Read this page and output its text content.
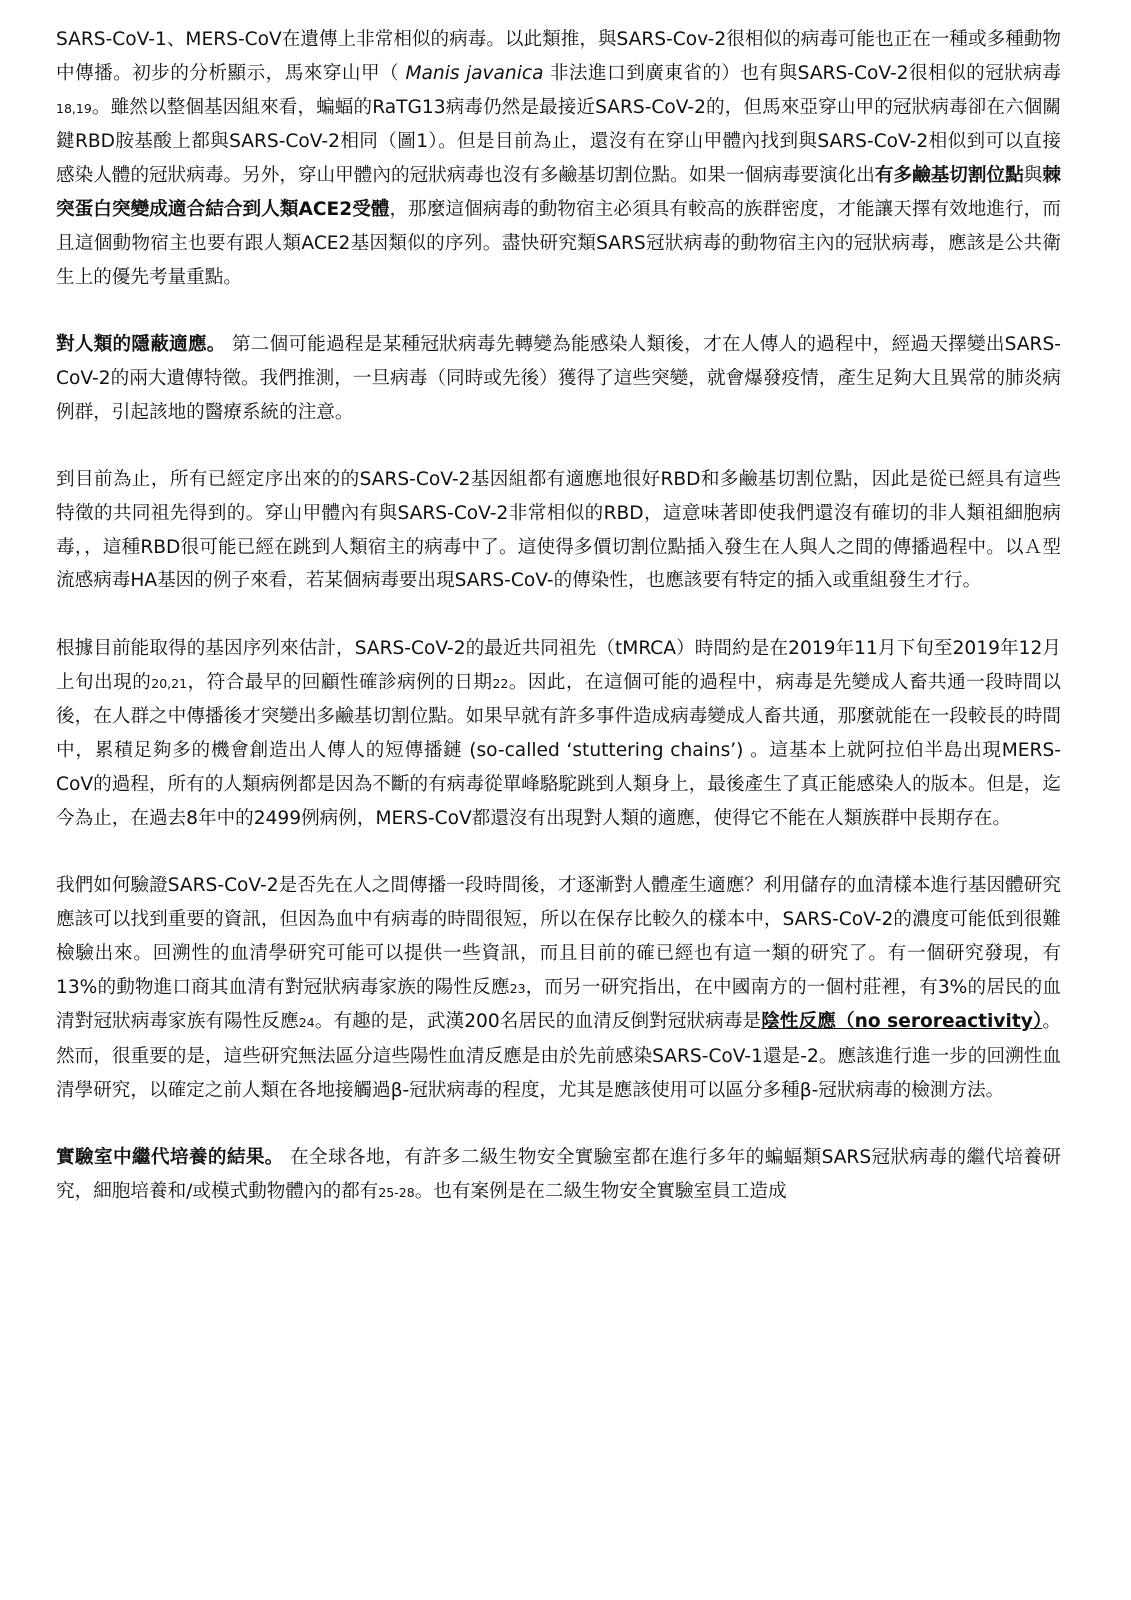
SARS-CoV-1、MERS-CoV在遺傳上非常相似的病毒。以此類推，與SARS-Cov-2很相似的病毒可能也正在一種或多種動物中傳播。初步的分析顯示，馬來穿山甲（ Manis javanica 非法進口到廣東省的）也有與SARS-CoV-2很相似的冠狀病毒18,19。雖然以整個基因組來看，蝙蝠的RaTG13病毒仍然是最接近SARS-CoV-2的，但馬來亞穿山甲的冠狀病毒卻在六個關鍵RBD胺基酸上都與SARS-CoV-2相同（圖1）。但是目前為止，還沒有在穿山甲體內找到與SARS-CoV-2相似到可以直接感染人體的冠狀病毒。另外，穿山甲體內的冠狀病毒也沒有多鹼基切割位點。如果一個病毒要演化出有多鹼基切割位點與棘突蛋白突變成適合結合到人類ACE2受體，那麼這個病毒的動物宿主必須具有較高的族群密度，才能讓天擇有效地進行，而且這個動物宿主也要有跟人類ACE2基因類似的序列。盡快研究類SARS冠狀病毒的動物宿主內的冠狀病毒，應該是公共衛生上的優先考量重點。

對人類的隱蔽適應。 第二個可能過程是某種冠狀病毒先轉變為能感染人類後，才在人傳人的過程中，經過天擇變出SARS-CoV-2的兩大遺傳特徵。我們推測，一旦病毒（同時或先後）獲得了這些突變，就會爆發疫情，產生足夠大且異常的肺炎病例群，引起該地的醫療系統的注意。

到目前為止，所有已經定序出來的的SARS-CoV-2基因組都有適應地很好RBD和多鹼基切割位點，因此是從已經具有這些特徵的共同祖先得到的。穿山甲體內有與SARS-CoV-2非常相似的RBD，這意味著即使我們還沒有確切的非人類祖細胞病毒，，這種RBD很可能已經在跳到人類宿主的病毒中了。這使得多價切割位點插入發生在人與人之間的傳播過程中。以Ａ型流感病毒HA基因的例子來看，若某個病毒要出現SARS-CoV-的傳染性，也應該要有特定的插入或重組發生才行。

根據目前能取得的基因序列來估計，SARS-CoV-2的最近共同祖先（tMRCA）時間約是在2019年11月下旬至2019年12月上旬出現的20,21，符合最早的回顧性確診病例的日期22。因此，在這個可能的過程中，病毒是先變成人畜共通一段時間以後，在人群之中傳播後才突變出多鹼基切割位點。如果早就有許多事件造成病毒變成人畜共通，那麼就能在一段較長的時間中，累積足夠多的機會創造出人傳人的短傳播鏈 (so-called ‘stuttering chains’) 。這基本上就阿拉伯半島出現MERS-CoV的過程，所有的人類病例都是因為不斷的有病毒從單峰駱駝跳到人類身上，最後產生了真正能感染人的版本。但是，迄今為止，在過去8年中的2499例病例，MERS-CoV都還沒有出現對人類的適應，使得它不能在人類族群中長期存在。

我們如何驗證SARS-CoV-2是否先在人之間傳播一段時間後，才逐漸對人體產生適應？利用儲存的血清樣本進行基因體研究應該可以找到重要的資訊，但因為血中有病毒的時間很短，所以在保存比較久的樣本中，SARS-CoV-2的濃度可能低到很難檢驗出來。回溯性的血清學研究可能可以提供一些資訊，而且目前的確已經也有這一類的研究了。有一個研究發現，有13%的動物進口商其血清有對冠狀病毒家族的陽性反應23，而另一研究指出，在中國南方的一個村莊裡，有3%的居民的血清對冠狀病毒家族有陽性反應24。有趣的是，武漢200名居民的血清反倒對冠狀病毒是陰性反應（no seroreactivity）。然而，很重要的是，這些研究無法區分這些陽性血清反應是由於先前感染SARS-CoV-1還是-2。應該進行進一步的回溯性血清學研究，以確定之前人類在各地接觸過β-冠狀病毒的程度，尤其是應該使用可以區分多種β-冠狀病毒的檢測方法。

實驗室中繼代培養的結果。 在全球各地，有許多二級生物安全實驗室都在進行多年的蝙蝠類SARS冠狀病毒的繼代培養研究，細胞培養和/或模式動物體內的都有25-28。也有案例是在二級生物安全實驗室員工造成
